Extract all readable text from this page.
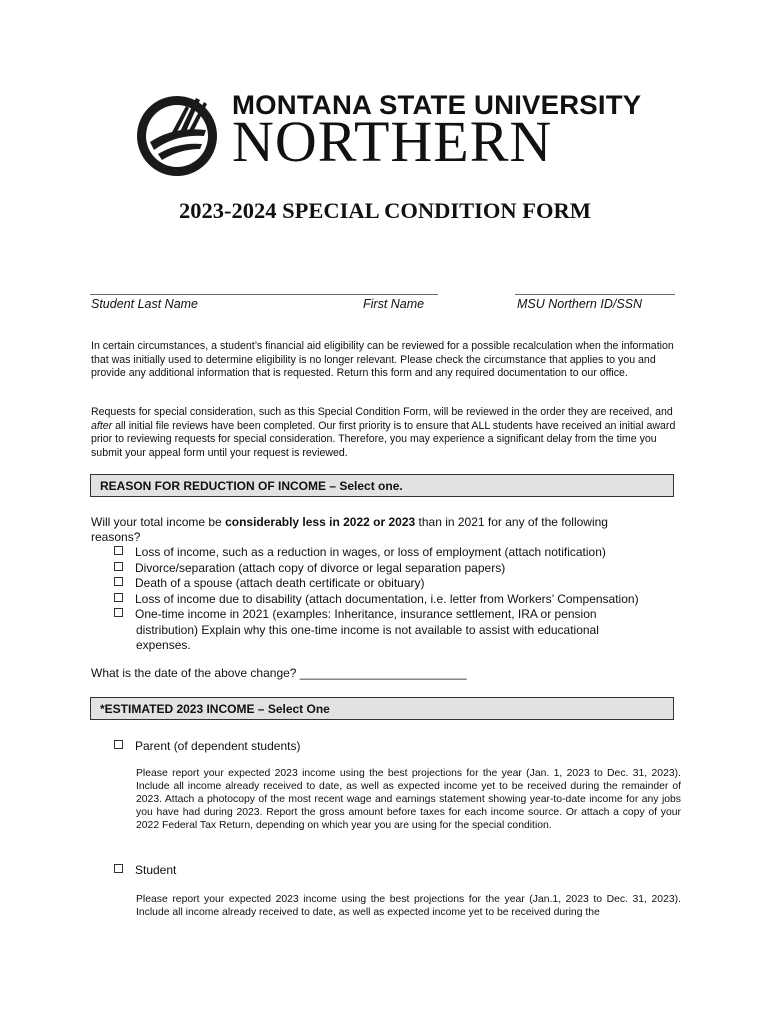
MONTANA STATE UNIVERSITY
NORTHERN
2023-2024 SPECIAL CONDITION FORM
Student Last Name	First Name	MSU Northern ID/SSN
In certain circumstances, a student’s financial aid eligibility can be reviewed for a possible recalculation when the information that was initially used to determine eligibility is no longer relevant. Please check the circumstance that applies to you and provide any additional information that is requested. Return this form and any required documentation to our office.
Requests for special consideration, such as this Special Condition Form, will be reviewed in the order they are received, and after all initial file reviews have been completed. Our first priority is to ensure that ALL students have received an initial award prior to reviewing requests for special consideration. Therefore, you may experience a significant delay from the time you submit your appeal form until your request is reviewed.
REASON FOR REDUCTION OF INCOME – Select one.
Will your total income be considerably less in 2022 or 2023 than in 2021 for any of the following
reasons?
Loss of income, such as a reduction in wages, or loss of employment (attach notification)
Divorce/separation (attach copy of divorce or legal separation papers)
Death of a spouse (attach death certificate or obituary)
Loss of income due to disability (attach documentation, i.e. letter from Workers’ Compensation)
One-time income in 2021 (examples: Inheritance, insurance settlement, IRA or pension
distribution) Explain why this one-time income is not available to assist with educational
expenses.
What is the date of the above change? _________________________
*ESTIMATED 2023 INCOME – Select One
Parent (of dependent students)
Please report your expected 2023 income using the best projections for the year (Jan. 1, 2023 to Dec. 31, 2023). Include all income already received to date, as well as expected income yet to be received during the remainder of 2023. Attach a photocopy of the most recent wage and earnings statement showing year-to-date income for any jobs you have had during 2023. Report the gross amount before taxes for each income source. Or attach a copy of your 2022 Federal Tax Return, depending on which year you are using for the special condition.
Student
Please report your expected 2023 income using the best projections for the year (Jan.1, 2023 to Dec. 31, 2023). Include all income already received to date, as well as expected income yet to be received during the
